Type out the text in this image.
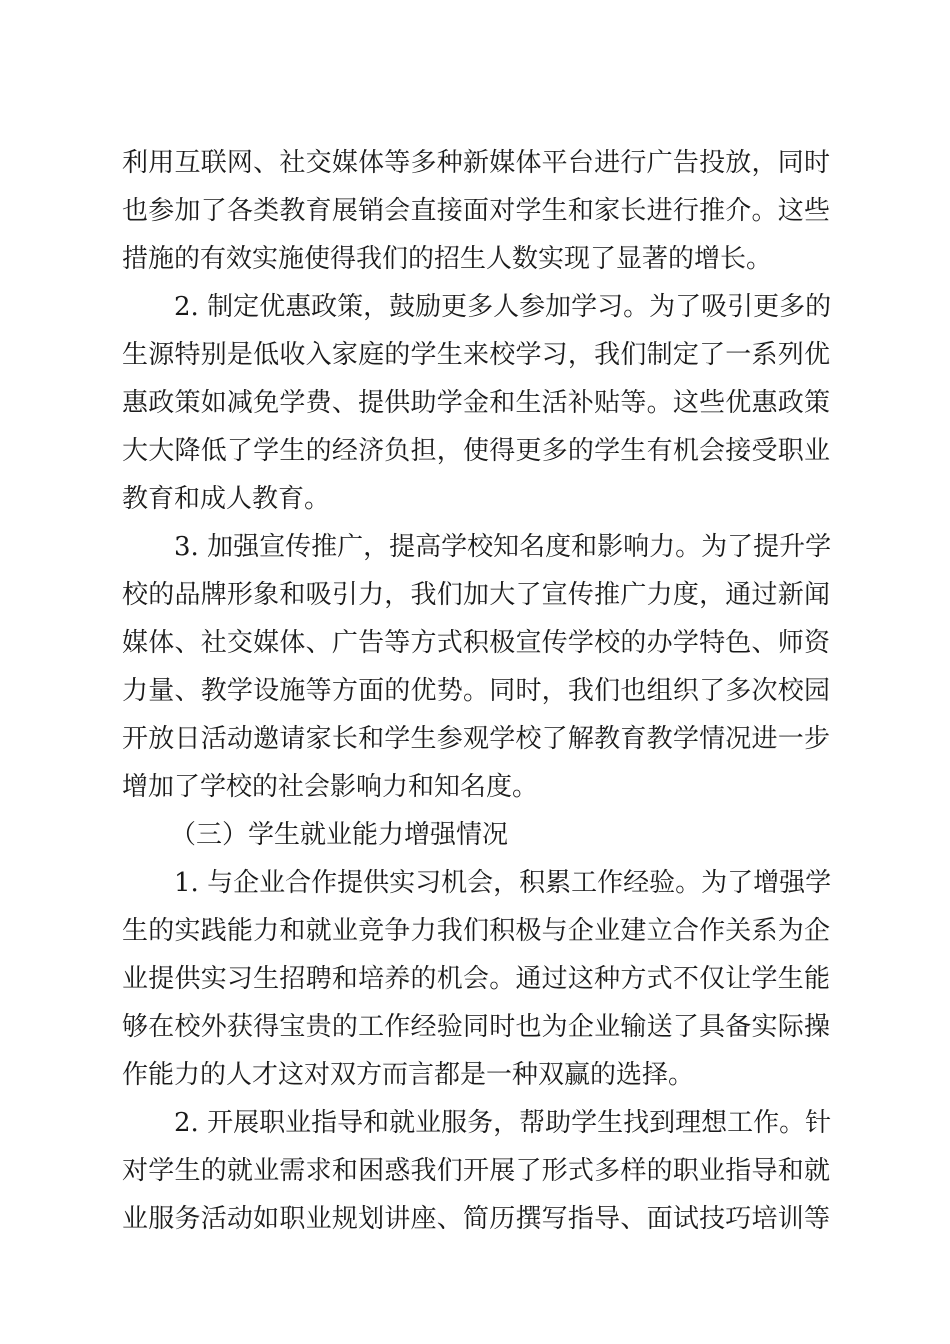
利用互联网、社交媒体等多种新媒体平台进行广告投放，同时
也参加了各类教育展销会直接面对学生和家长进行推介。这些
措施的有效实施使得我们的招生人数实现了显著的增长。
2. 制定优惠政策，鼓励更多人参加学习。为了吸引更多的
生源特别是低收入家庭的学生来校学习，我们制定了一系列优
惠政策如减免学费、提供助学金和生活补贴等。这些优惠政策
大大降低了学生的经济负担，使得更多的学生有机会接受职业
教育和成人教育。
3. 加强宣传推广，提高学校知名度和影响力。为了提升学
校的品牌形象和吸引力，我们加大了宣传推广力度，通过新闻
媒体、社交媒体、广告等方式积极宣传学校的办学特色、师资
力量、教学设施等方面的优势。同时，我们也组织了多次校园
开放日活动邀请家长和学生参观学校了解教育教学情况进一步
增加了学校的社会影响力和知名度。
（三）学生就业能力增强情况
1. 与企业合作提供实习机会，积累工作经验。为了增强学
生的实践能力和就业竞争力我们积极与企业建立合作关系为企
业提供实习生招聘和培养的机会。通过这种方式不仅让学生能
够在校外获得宝贵的工作经验同时也为企业输送了具备实际操
作能力的人才这对双方而言都是一种双赢的选择。
2. 开展职业指导和就业服务，帮助学生找到理想工作。针
对学生的就业需求和困惑我们开展了形式多样的职业指导和就
业服务活动如职业规划讲座、简历撰写指导、面试技巧培训等
